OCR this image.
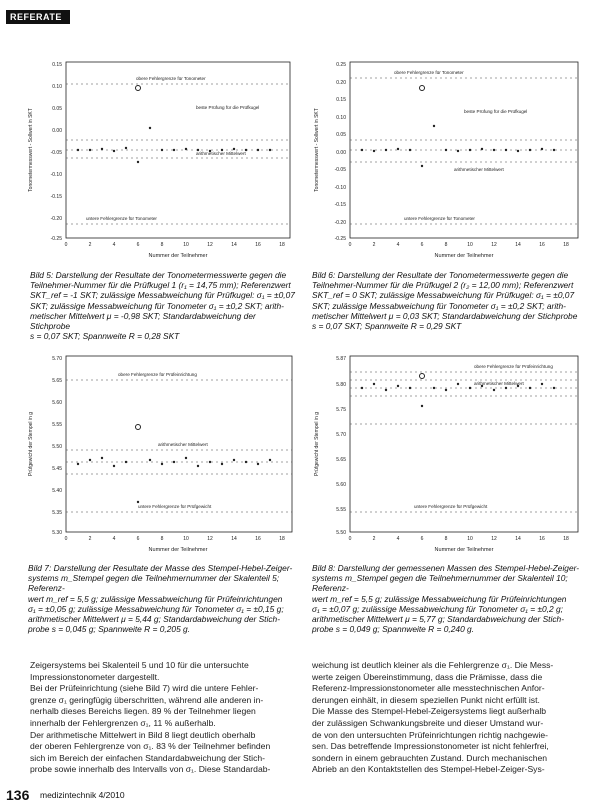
REFERATE
obere Fehlergrenze für Tonometer
beste Prüfung für die Prüfkugel
arithmetischer Mittelwert
untere Fehlergrenze für Tonometer
0.15
0.10
0.05
0.00
-0.05
-0.10
-0.15
-0.20
-0.25
0	2	4	6	8	10	12	14	16	18
Nummer der Teilnehmer
Tonometermesswert - Sollwert in SKT
obere Fehlergrenze für Tonometer
beste Prüfung für die Prüfkugel
arithmetischer Mittelwert
untere Fehlergrenze für Tonometer
0.25
0.20
0.15
0.10
0.05
0.00
-0.05
-0.10
-0.15
-0.20
-0.25
0	2	4	6	8	10	12	14	16	18
Nummer der Teilnehmer
Tonometermesswert - Sollwert in SKT
Bild 5: Darstellung der Resultate der Tonometermesswerte gegen die
Teilnehmer-Nummer für die Prüfkugel 1 (r₁ = 14,75 mm); Referenzwert
SKT_ref = -1 SKT; zulässige Messabweichung für Prüfkugel: σ₁ = ±0,07
SKT; zulässige Messabweichung für Tonometer σ₁ = ±0,2 SKT; arith-
metischer Mittelwert μ = -0,98 SKT; Standardabweichung der Stichprobe
s = 0,07 SKT; Spannweite R = 0,28 SKT
Bild 6: Darstellung der Resultate der Tonometermesswerte gegen die
Teilnehmer-Nummer für die Prüfkugel 2 (r₂ = 12,00 mm); Referenzwert
SKT_ref = 0 SKT; zulässige Messabweichung für Prüfkugel: σ₁ = ±0,07
SKT; zulässige Messabweichung für Tonometer σ₁ = ±0,2 SKT; arith-
metischer Mittelwert μ = 0,03 SKT; Standardabweichung der Stichprobe
s = 0,07 SKT; Spannweite R = 0,29 SKT
obere Fehlergrenze für Prüfeinrichtung
arithmetischer Mittelwert
untere Fehlergrenze für Prüfgewicht
5.70
5.65
5.60
5.55
5.50
5.45
5.40
5.35
5.30
0	2	4	6	8	10	12	14	16	18
Nummer der Teilnehmer
Prüfgewicht der Stempel in g
obere Fehlergrenze für Prüfeinrichtung
arithmetischer Mittelwert
untere Fehlergrenze für Prüfgewicht
5.87
5.80
5.75
5.70
5.65
5.60
5.55
5.50
0	2	4	6	8	10	12	14	16	18
Nummer der Teilnehmer
Prüfgewicht der Stempel in g
Bild 7: Darstellung der Resultate der Masse des Stempel-Hebel-Zeiger-
systems m_Stempel gegen die Teilnehmernummer der Skalenteil 5; Referenz-
wert m_ref = 5,5 g; zulässige Messabweichung für Prüfeinrichtungen
σ₁ = ±0,05 g; zulässige Messabweichung für Tonometer σ₁ = ±0,15 g;
arithmetischer Mittelwert μ = 5,44 g; Standardabweichung der Stich-
probe s = 0,045 g; Spannweite R = 0,205 g.
Bild 8: Darstellung der gemessenen Massen des Stempel-Hebel-Zeiger-
systems m_Stempel gegen die Teilnehmernummer der Skalenteil 10; Referenz-
wert m_ref = 5,5 g; zulässige Messabweichung für Prüfeinrichtungen
σ₁ = ±0,07 g; zulässige Messabweichung für Tonometer σ₁ = ±0,2 g;
arithmetischer Mittelwert μ = 5,77 g; Standardabweichung der Stich-
probe s = 0,049 g; Spannweite R = 0,240 g.
Zeigersystems bei Skalenteil 5 und 10 für die untersuchte
Impressionstonometer dargestellt.
Bei der Prüfeinrichtung (siehe Bild 7) wird die untere Fehler-
grenze σ₁ geringfügig überschritten, während alle anderen in-
nerhalb dieses Bereichs liegen. 89 % der Teilnehmer liegen
innerhalb der Fehlergrenzen σ₁, 11 % außerhalb.
Der arithmetische Mittelwert in Bild 8 liegt deutlich oberhalb
der oberen Fehlergrenze von σ₁. 83 % der Teilnehmer befinden
sich im Bereich der einfachen Standardabweichung der Stich-
probe sowie innerhalb des Intervalls von σ₁. Diese Standardab-
weichung ist deutlich kleiner als die Fehlergrenze σ₁. Die Mess-
werte zeigen Übereinstimmung, dass die Prämisse, dass die
Referenz-Impressionstonometer alle messtechnischen Anfor-
derungen einhält, in diesem speziellen Punkt nicht erfüllt ist.
Die Masse des Stempel-Hebel-Zeigersystems liegt außerhalb
der zulässigen Schwankungsbreite und dieser Umstand wur-
de von den untersuchten Prüfeinrichtungen richtig nachgewie-
sen. Das betreffende Impressionstonometer ist nicht fehlerfrei,
sondern in einem gebrauchten Zustand. Durch mechanischen
Abrieb an den Kontaktstellen des Stempel-Hebel-Zeiger-Sys-
136 medizintechnik 4/2010
